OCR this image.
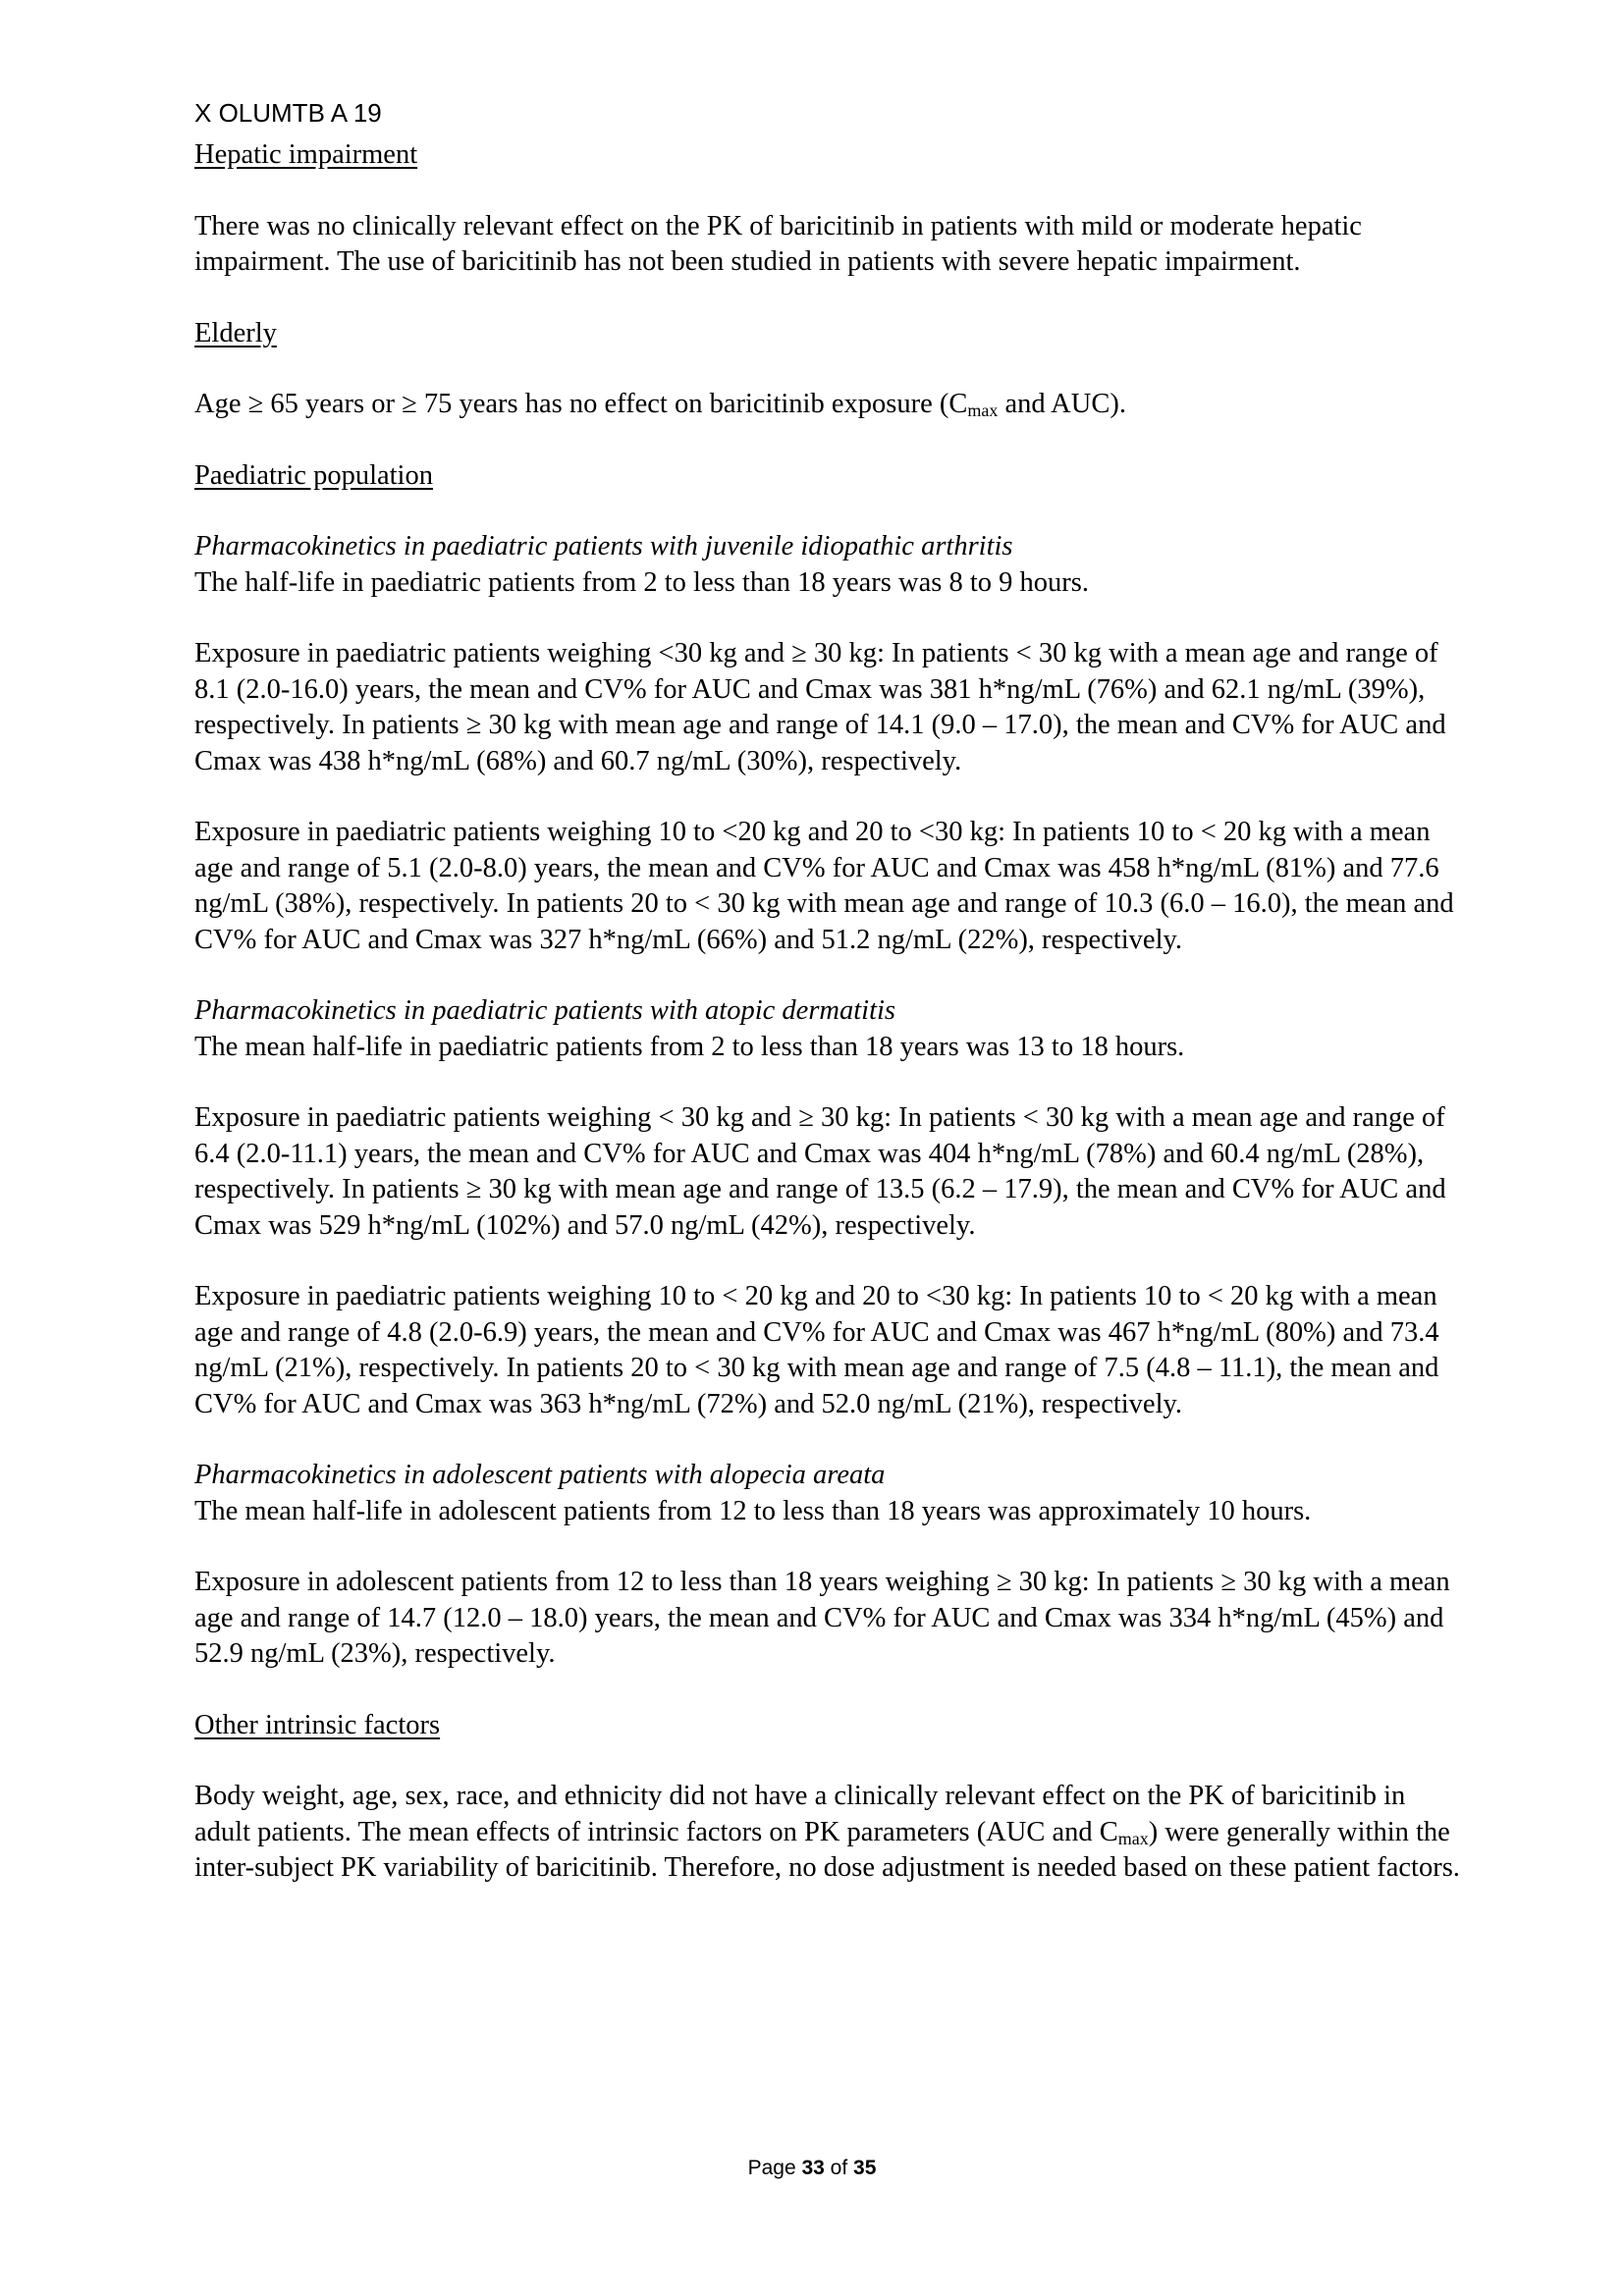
X OLUMTB A 19
Hepatic impairment

There was no clinically relevant effect on the PK of baricitinib in patients with mild or moderate hepatic impairment. The use of baricitinib has not been studied in patients with severe hepatic impairment.

Elderly

Age ≥ 65 years or ≥ 75 years has no effect on baricitinib exposure ($C_{max}$ and AUC).

Paediatric population
Pharmacokinetics in paediatric patients with juvenile idiopathic arthritis

The half-life in paediatric patients from 2 to less than 18 years was 8 to 9 hours.

Exposure in paediatric patients weighing <30 kg and ≥ 30 kg: In patients < 30 kg with a mean age and range of 8.1 (2.0-16.0) years, the mean and CV% for AUC and Cmax was 381 h*ng/mL (76%) and 62.1 ng/mL (39%), respectively. In patients ≥ 30 kg with mean age and range of 14.1 (9.0 – 17.0), the mean and CV% for AUC and Cmax was 438 h*ng/mL (68%) and 60.7 ng/mL (30%), respectively.

Exposure in paediatric patients weighing 10 to <20 kg and 20 to <30 kg: In patients 10 to < 20 kg with a mean age and range of 5.1 (2.0-8.0) years, the mean and CV% for AUC and Cmax was 458 h*ng/mL (81%) and 77.6 ng/mL (38%), respectively. In patients 20 to < 30 kg with mean age and range of 10.3 (6.0 – 16.0), the mean and CV% for AUC and Cmax was 327 h*ng/mL (66%) and 51.2 ng/mL (22%), respectively.

Pharmacokinetics in paediatric patients with atopic dermatitis

The mean half-life in paediatric patients from 2 to less than 18 years was 13 to 18 hours.

Exposure in paediatric patients weighing < 30 kg and ≥ 30 kg: In patients < 30 kg with a mean age and range of 6.4 (2.0-11.1) years, the mean and CV% for AUC and Cmax was 404 h*ng/mL (78%) and 60.4 ng/mL (28%), respectively. In patients ≥ 30 kg with mean age and range of 13.5 (6.2 – 17.9), the mean and CV% for AUC and Cmax was 529 h*ng/mL (102%) and 57.0 ng/mL (42%), respectively.

Exposure in paediatric patients weighing 10 to < 20 kg and 20 to <30 kg: In patients 10 to < 20 kg with a mean age and range of 4.8 (2.0-6.9) years, the mean and CV% for AUC and Cmax was 467 h*ng/mL (80%) and 73.4 ng/mL (21%), respectively. In patients 20 to < 30 kg with mean age and range of 7.5 (4.8 – 11.1), the mean and CV% for AUC and Cmax was 363 h*ng/mL (72%) and 52.0 ng/mL (21%), respectively.

Pharmacokinetics in adolescent patients with alopecia areata

The mean half-life in adolescent patients from 12 to less than 18 years was approximately 10 hours.

Exposure in adolescent patients from 12 to less than 18 years weighing ≥ 30 kg: In patients ≥ 30 kg with a mean age and range of 14.7 (12.0 – 18.0) years, the mean and CV% for AUC and Cmax was 334 h*ng/mL (45%) and 52.9 ng/mL (23%), respectively.

Other intrinsic factors

Body weight, age, sex, race, and ethnicity did not have a clinically relevant effect on the PK of baricitinib in adult patients. The mean effects of intrinsic factors on PK parameters (AUC and $C_{max}$) were generally within the inter-subject PK variability of baricitinib. Therefore, no dose adjustment is needed based on these patient factors.

Page 33 of 35
